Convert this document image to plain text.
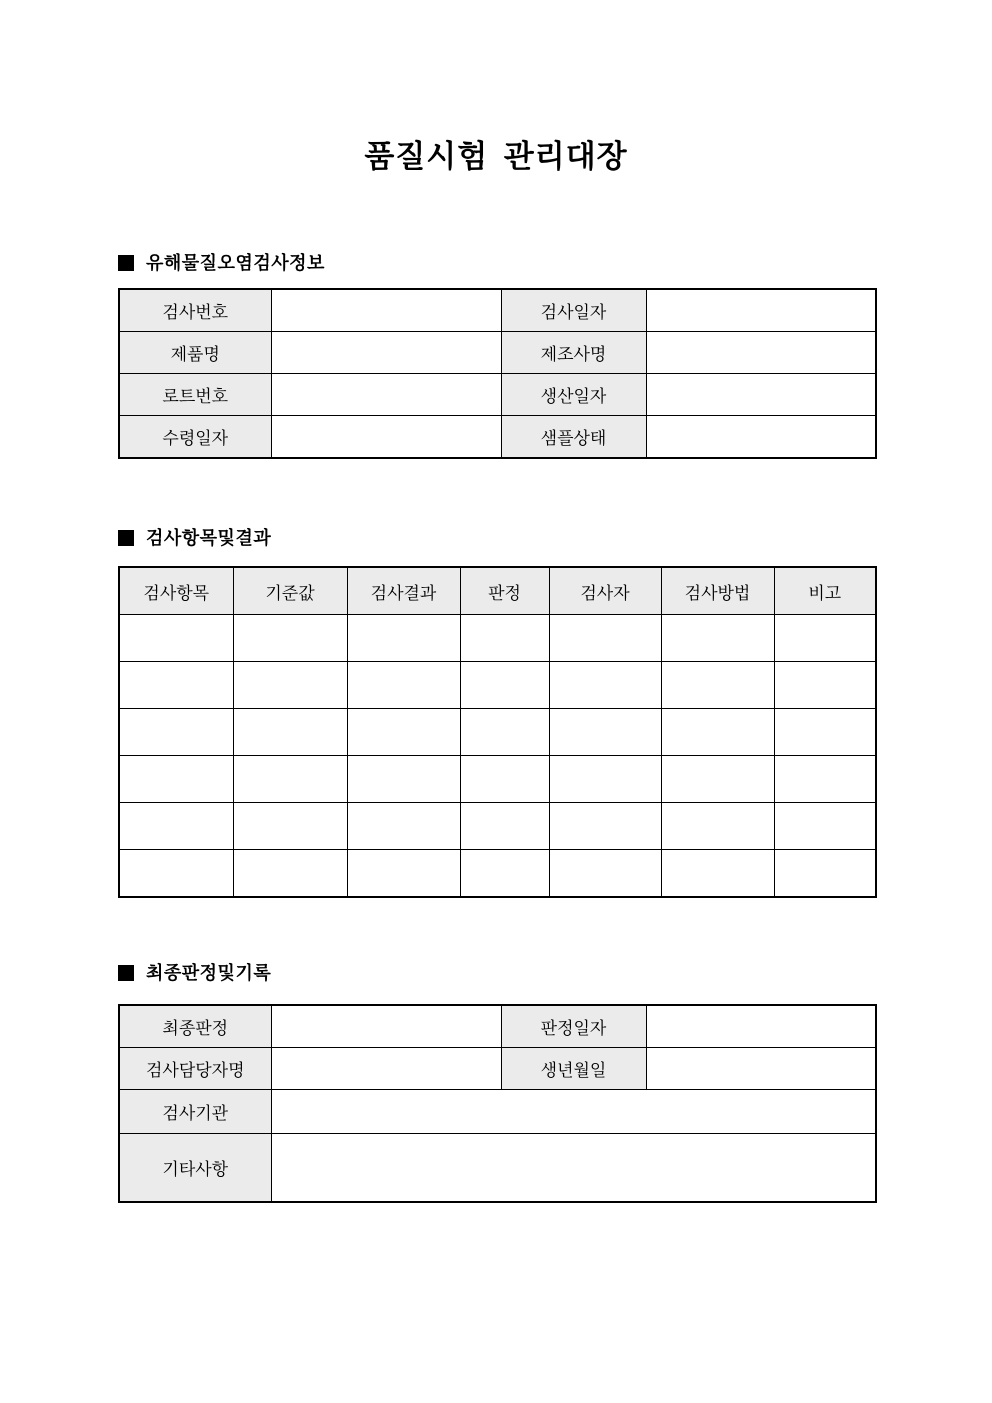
품질시험 관리대장
유해물질오염검사정보
검사번호		검사일자	
제품명		제조사명	
로트번호		생산일자	
수령일자		샘플상태	
검사항목및결과
검사항목	기준값	검사결과	판정	검사자	검사방법	비고

최종판정및기록
최종판정		판정일자	
검사담당자명		생년월일	
검사기관			
기타사항			
